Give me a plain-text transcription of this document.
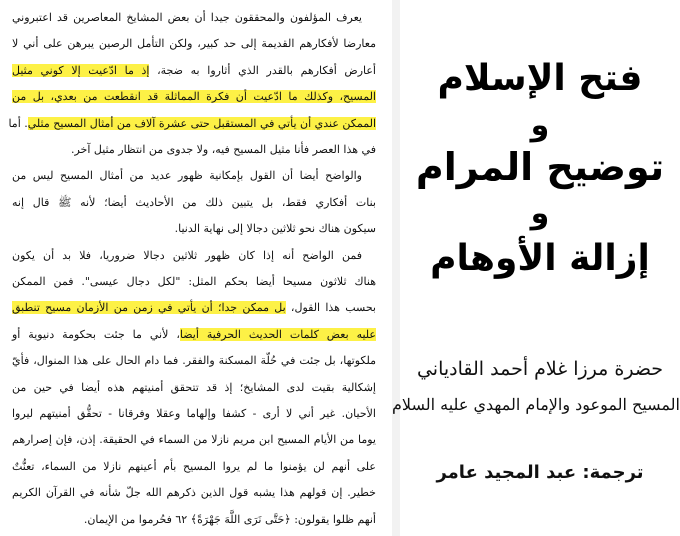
يعرف المؤلفون والمحققون جيدا أن بعض المشايخ المعاصرين قد اعتبروني
معارضا لأفكارهم القديمة إلى حد كبير، ولكن التأمل الرصين يبرهن على أني لا
أعارض أفكارهم بالقدر الذي أثاروا به ضجة، إذ ما ادّعيت إلا كوني مثيل
المسيح، وكذلك ما ادّعيت أن فكرة المماثلة قد انقطعت من بعدي، بل من
الممكن عندي أن يأتي في المستقبل حتى عشرة آلاف من أمثال المسيح مثلي. أما
في هذا العصر فأنا مثيل المسيح فيه، ولا جدوى من انتظار مثيل آخر.
والواضح أيضا أن القول بإمكانية ظهور عديد من أمثال المسيح ليس من
بنات أفكاري فقط، بل يتبين ذلك من الأحاديث أيضا؛ لأنه ﷺ قال إنه
سيكون هناك نحو ثلاثين دجالا إلى نهاية الدنيا.
فمن الواضح أنه إذا كان ظهور ثلاثين دجالا ضروريا، فلا بد أن يكون
هناك ثلاثون مسيحا أيضا بحكم المثل: "لكل دجال عيسى". فمن الممكن
بحسب هذا القول، بل ممكن جدا؛ أن يأتي في زمن من الأزمان مسيح تنطبق
عليه بعض كلمات الحديث الحرفية أيضا، لأني ما جئت بحكومة دنيوية أو
ملكوتها، بل جئت في حُلّة المسكنة والفقر. فما دام الحال على هذا المنوال، فأيّ
إشكالية بقيت لدى المشايخ؛ إذ قد تتحقق أمنيتهم هذه أيضا في حين من
الأحيان. غير أني لا أرى - كشفا وإلهاما وعقلا وفرقانا - تحقُّق أمنيتهم ليروا
يوما من الأيام المسيح ابن مريم نازلا من السماء في الحقيقة. إذن، فإن إصرارهم
على أنهم لن يؤمنوا ما لم يروا المسيح بأم أعينهم نازلا من السماء، تعنُّتٌ
خطير. إن قولهم هذا يشبه قول الذين ذكرهم الله جلّ شأنه في القرآن الكريم
أنهم ظلوا يقولون: ﴿حَتَّى نَرَى اللَّهَ جَهْرَةً﴾ ٦٢ فحُرموا من الإيمان.
فتح الإسلام
و
توضيح المرام
و
إزالة الأوهام
حضرة مرزا غلام أحمد القادياني
المسيح الموعود والإمام المهدي عليه السلام
ترجمة: عبد المجيد عامر
